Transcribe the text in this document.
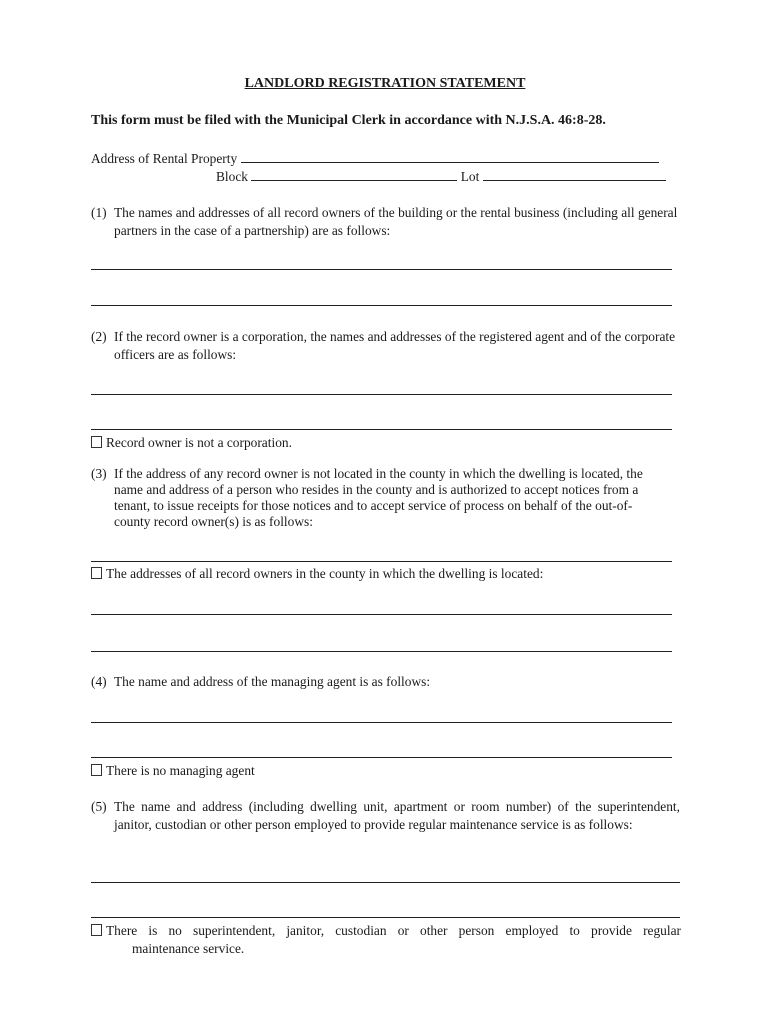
LANDLORD REGISTRATION STATEMENT
This form must be filed with the Municipal Clerk in accordance with N.J.S.A. 46:8-28.
Address of Rental Property
Block	Lot
(1) The names and addresses of all record owners of the building or the rental business (including all general partners in the case of a partnership) are as follows:
(2) If the record owner is a corporation, the names and addresses of the registered agent and of the corporate officers are as follows:
Record owner is not a corporation.
(3) If the address of any record owner is not located in the county in which the dwelling is located, the name and address of a person who resides in the county and is authorized to accept notices from a tenant, to issue receipts for those notices and to accept service of process on behalf of the out-of-county record owner(s) is as follows:
The addresses of all record owners in the county in which the dwelling is located:
(4) The name and address of the managing agent is as follows:
There is no managing agent
(5) The name and address (including dwelling unit, apartment or room number) of the superintendent, janitor, custodian or other person employed to provide regular maintenance service is as follows:
There is no superintendent, janitor, custodian or other person employed to provide regular
maintenance service.
